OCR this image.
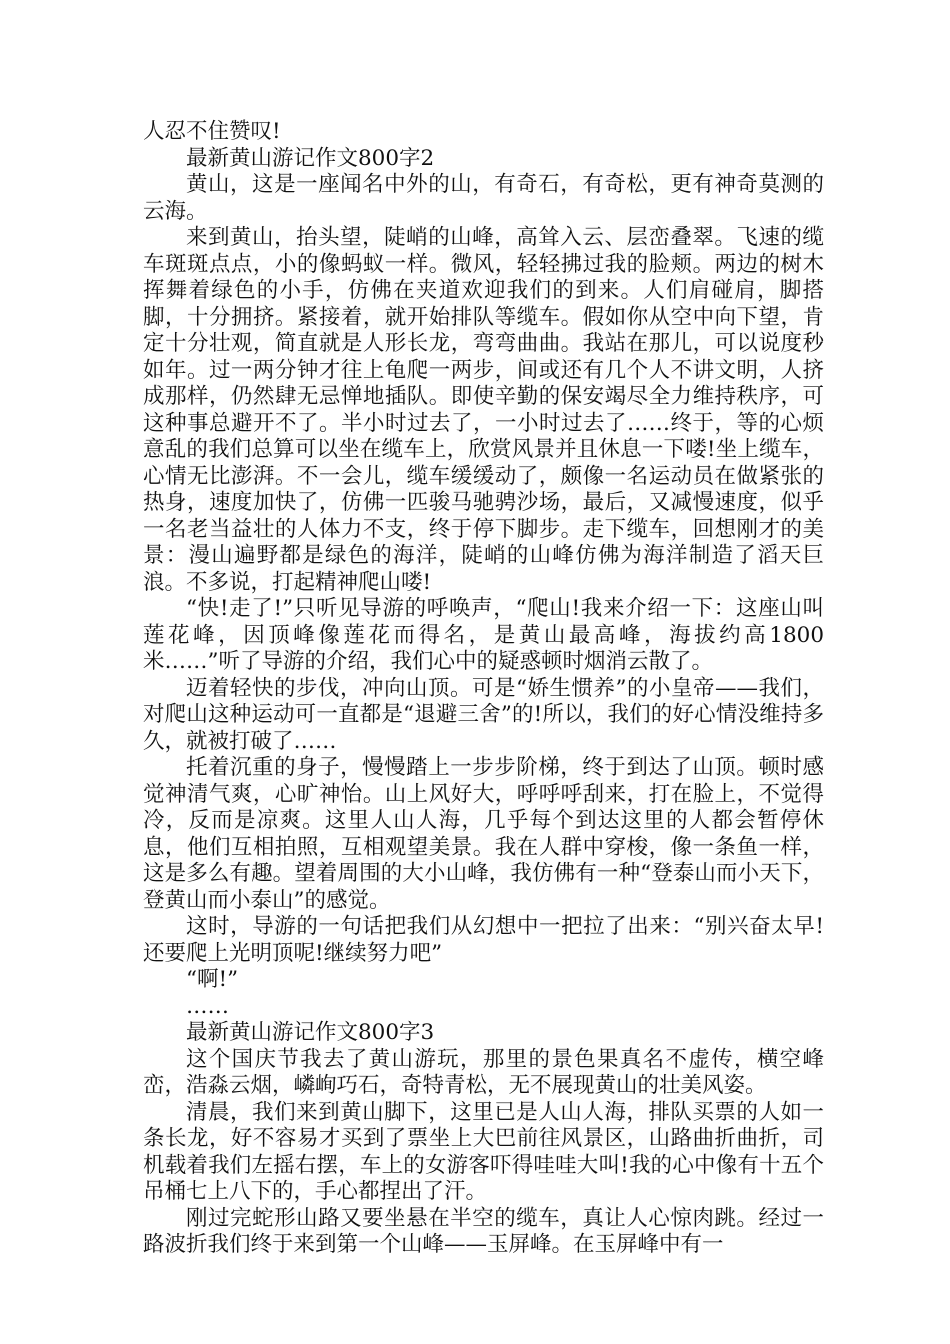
人忍不住赞叹!

最新黄山游记作文800字2

黄山，这是一座闻名中外的山，有奇石，有奇松，更有神奇莫测的云海。

来到黄山，抬头望，陡峭的山峰，高耸入云、层峦叠翠。飞速的缆车斑斑点点，小的像蚂蚁一样。微风，轻轻拂过我的脸颊。两边的树木挥舞着绿色的小手，仿佛在夹道欢迎我们的到来。人们肩碰肩，脚搭脚，十分拥挤。紧接着，就开始排队等缆车。假如你从空中向下望，肯定十分壮观，简直就是人形长龙，弯弯曲曲。我站在那儿，可以说度秒如年。过一两分钟才往上龟爬一两步，间或还有几个人不讲文明，人挤成那样，仍然肆无忌惮地插队。即使辛勤的保安竭尽全力维持秩序，可这种事总避开不了。半小时过去了，一小时过去了……终于，等的心烦意乱的我们总算可以坐在缆车上，欣赏风景并且休息一下喽!坐上缆车，心情无比澎湃。不一会儿，缆车缓缓动了，颇像一名运动员在做紧张的热身，速度加快了，仿佛一匹骏马驰骋沙场，最后，又减慢速度，似乎一名老当益壮的人体力不支，终于停下脚步。走下缆车，回想刚才的美景：漫山遍野都是绿色的海洋，陡峭的山峰仿佛为海洋制造了滔天巨浪。不多说，打起精神爬山喽!

“快!走了!”只听见导游的呼唤声，“爬山!我来介绍一下：这座山叫莲花峰，因顶峰像莲花而得名，是黄山最高峰，海拔约高1800米……”听了导游的介绍，我们心中的疑惑顿时烟消云散了。

迈着轻快的步伐，冲向山顶。可是“娇生惯养”的小皇帝——我们，对爬山这种运动可一直都是“退避三舍”的!所以，我们的好心情没维持多久，就被打破了……

托着沉重的身子，慢慢踏上一步步阶梯，终于到达了山顶。顿时感觉神清气爽，心旷神怡。山上风好大，呼呼呼刮来，打在脸上，不觉得冷，反而是凉爽。这里人山人海，几乎每个到达这里的人都会暂停休息，他们互相拍照，互相观望美景。我在人群中穿梭，像一条鱼一样，这是多么有趣。望着周围的大小山峰，我仿佛有一种“登泰山而小天下，登黄山而小泰山”的感觉。

这时，导游的一句话把我们从幻想中一把拉了出来：“别兴奋太早!还要爬上光明顶呢!继续努力吧”

“啊!”

……

最新黄山游记作文800字3

这个国庆节我去了黄山游玩，那里的景色果真名不虚传，横空峰峦，浩淼云烟，嶙峋巧石，奇特青松，无不展现黄山的壮美风姿。

清晨，我们来到黄山脚下，这里已是人山人海，排队买票的人如一条长龙，好不容易才买到了票坐上大巴前往风景区，山路曲折曲折，司机载着我们左摇右摆，车上的女游客吓得哇哇大叫!我的心中像有十五个吊桶七上八下的，手心都捏出了汗。

刚过完蛇形山路又要坐悬在半空的缆车，真让人心惊肉跳。经过一路波折我们终于来到第一个山峰——玉屏峰。在玉屏峰中有一
